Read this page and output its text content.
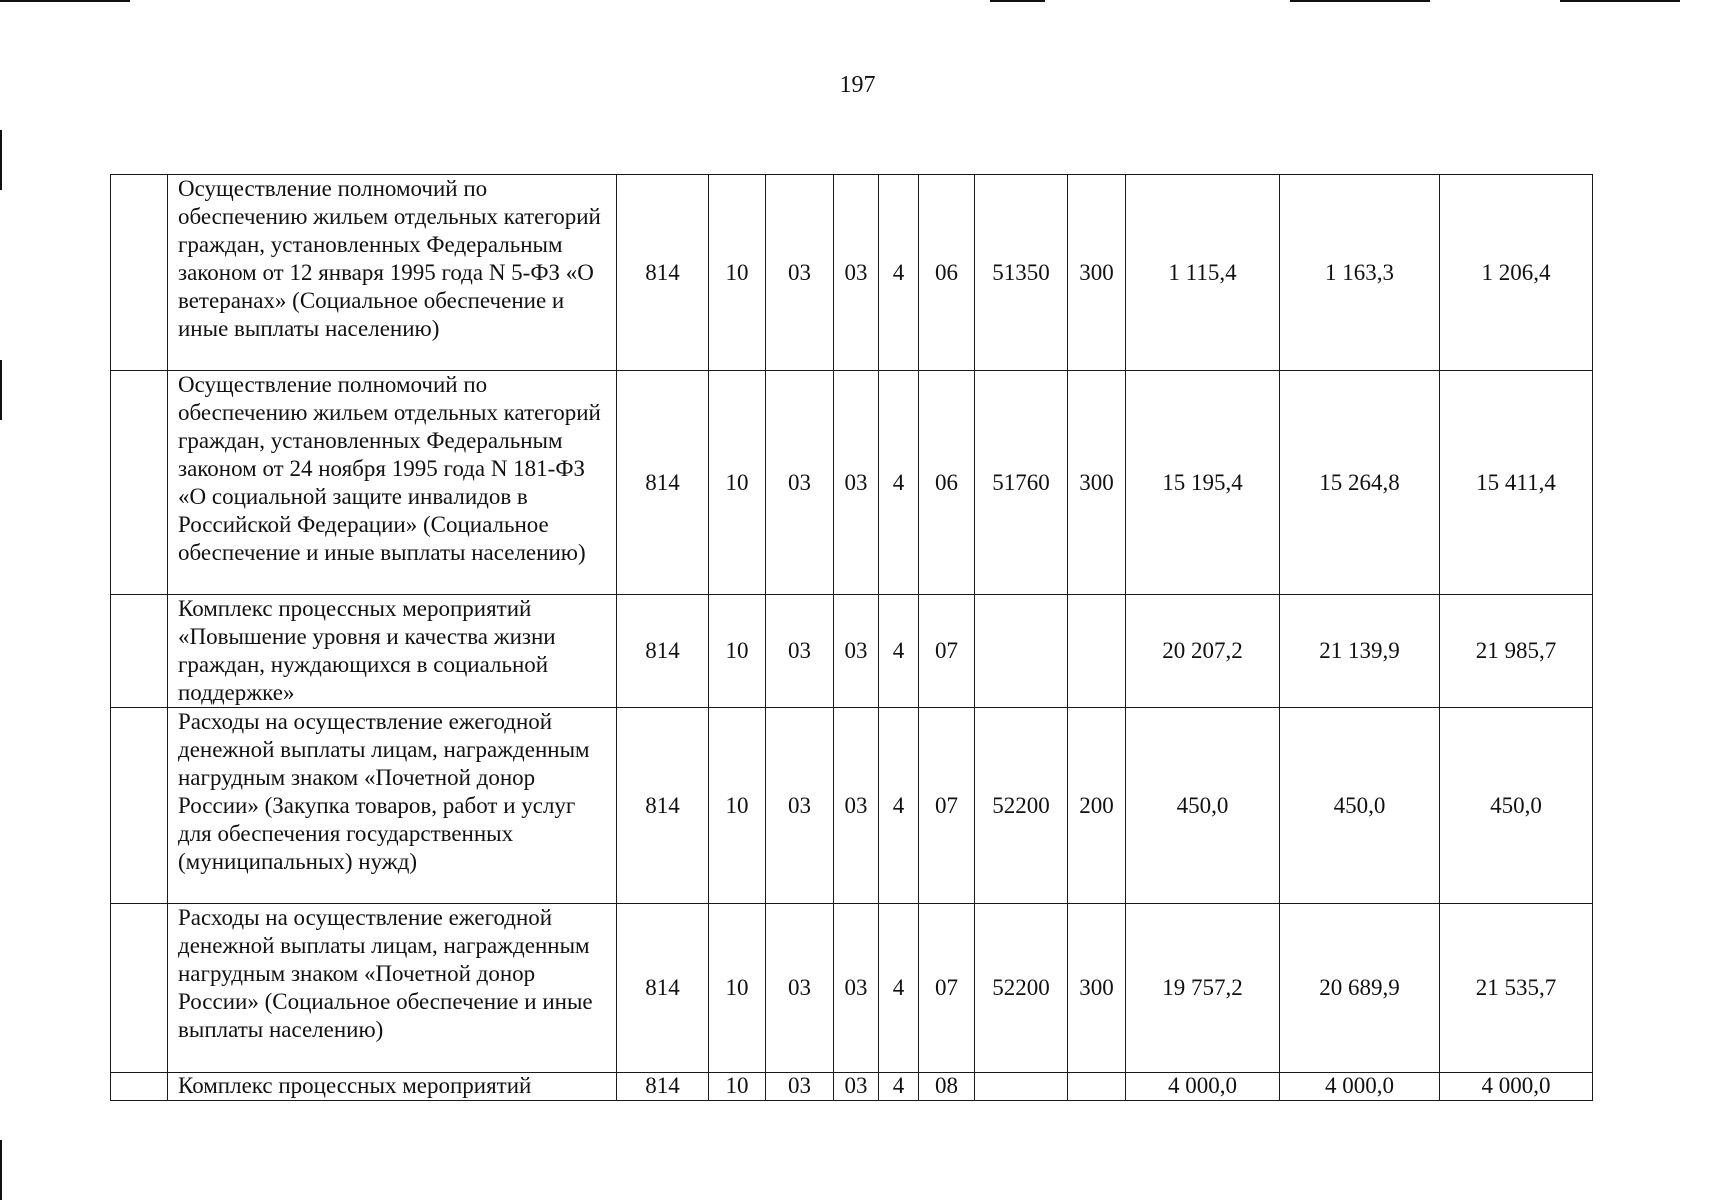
197
	Осуществление полномочий по обеспечению жильем отдельных категорий граждан, установленных Федеральным законом от 12 января 1995 года N 5-ФЗ «О ветеранах» (Социальное обеспечение и иные выплаты населению)	814	10	03	03	4	06	51350	300	1 115,4	1 163,3	1 206,4
	Осуществление полномочий по обеспечению жильем отдельных категорий граждан, установленных Федеральным законом от 24 ноября 1995 года N 181-ФЗ «О социальной защите инвалидов в Российской Федерации» (Социальное обеспечение и иные выплаты населению)	814	10	03	03	4	06	51760	300	15 195,4	15 264,8	15 411,4
	Комплекс процессных мероприятий «Повышение уровня и качества жизни граждан, нуждающихся в социальной поддержке»	814	10	03	03	4	07			20 207,2	21 139,9	21 985,7
	Расходы на осуществление ежегодной денежной выплаты лицам, награжденным нагрудным знаком «Почетной донор России» (Закупка товаров, работ и услуг для обеспечения государственных (муниципальных) нужд)	814	10	03	03	4	07	52200	200	450,0	450,0	450,0
	Расходы на осуществление ежегодной денежной выплаты лицам, награжденным нагрудным знаком «Почетной донор России» (Социальное обеспечение и иные выплаты населению)	814	10	03	03	4	07	52200	300	19 757,2	20 689,9	21 535,7
	Комплекс процессных мероприятий	814	10	03	03	4	08			4 000,0	4 000,0	4 000,0
